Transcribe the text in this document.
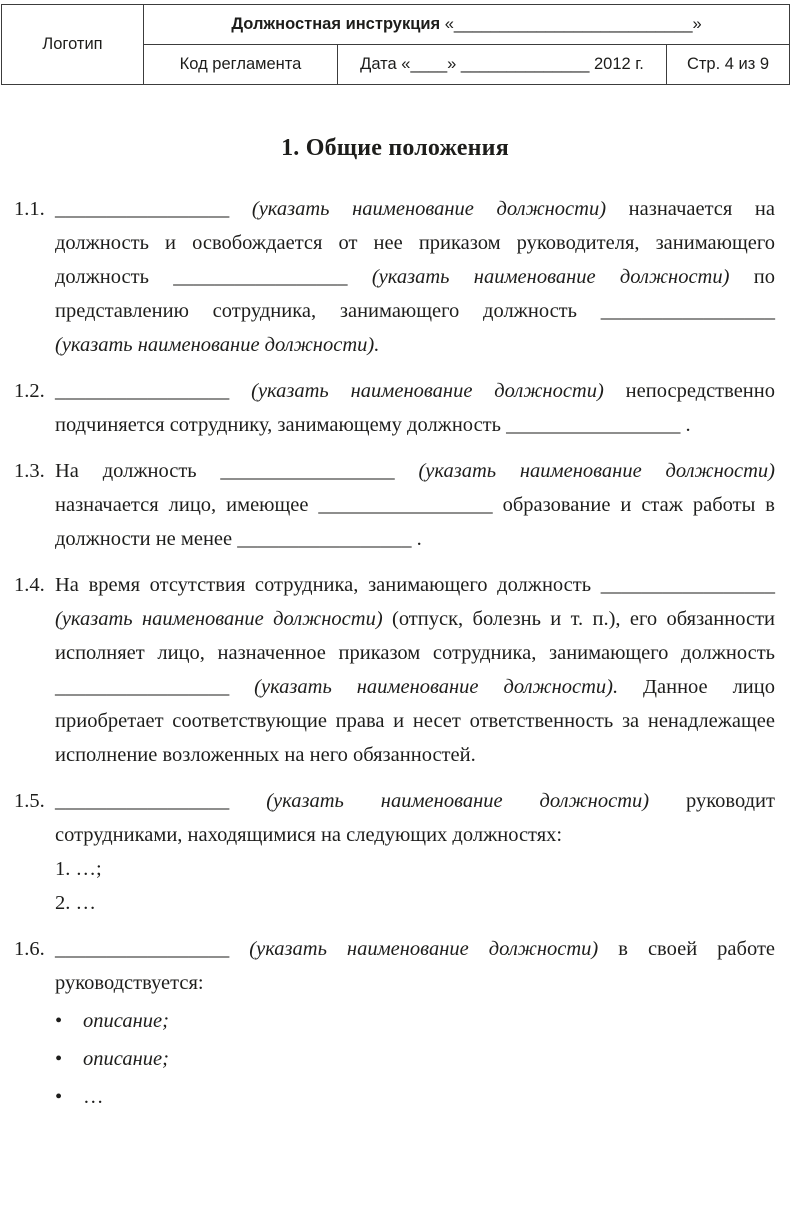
Логотип	Должностная инструкция «__________________________»		
	Код регламента	Дата «____» ______________ 2012 г.	Стр. 4 из 9
1. Общие положения
1.1. _________________ (указать наименование должности) назначается на должность и освобождается от нее приказом руководителя, занимающего должность _________________ (указать наименование должности) по представлению сотрудника, занимающего должность _________________ (указать наименование должности).
1.2. _________________ (указать наименование должности) непосредственно подчиняется сотруднику, занимающему должность _________________ .
1.3. На должность _________________ (указать наименование должности) назначается лицо, имеющее _________________ образование и стаж работы в должности не менее _________________ .
1.4. На время отсутствия сотрудника, занимающего должность _________________ (указать наименование должности) (отпуск, болезнь и т. п.), его обязанности исполняет лицо, назначенное приказом сотрудника, занимающего должность _________________ (указать наименование должности). Данное лицо приобретает соответствующие права и несет ответственность за ненадлежащее исполнение возложенных на него обязанностей.
1.5. _________________ (указать наименование должности) руководит сотрудниками, находящимися на следующих должностях:
1. …;
2. …
1.6. _________________ (указать наименование должности) в своей работе руководствуется:
• описание;
• описание;
• …
